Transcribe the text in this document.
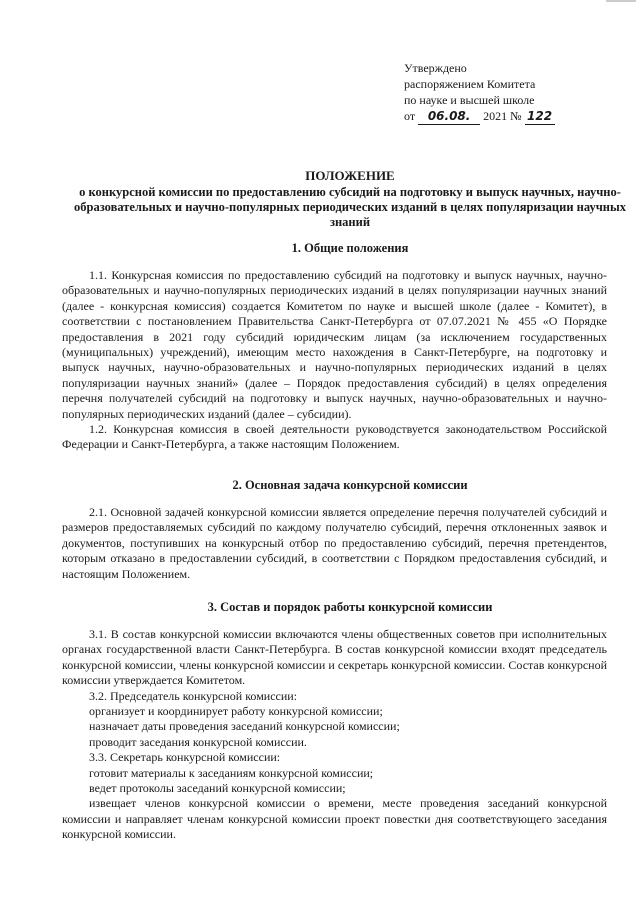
Утверждено
распоряжением Комитета
по науке и высшей школе
от 06.08. 2021 № 122
ПОЛОЖЕНИЕ
о конкурсной комиссии по предоставлению субсидий на подготовку и выпуск научных, научно-образовательных и научно-популярных периодических изданий в целях популяризации научных знаний
1. Общие положения

1.1. Конкурсная комиссия по предоставлению субсидий на подготовку и выпуск научных, научно-образовательных и научно-популярных периодических изданий в целях популяризации научных знаний (далее - конкурсная комиссия) создается Комитетом по науке и высшей школе (далее - Комитет), в соответствии с постановлением Правительства Санкт-Петербурга от 07.07.2021 № 455 «О Порядке предоставления в 2021 году субсидий юридическим лицам (за исключением государственных (муниципальных) учреждений), имеющим место нахождения в Санкт-Петербурге, на подготовку и выпуск научных, научно-образовательных и научно-популярных периодических изданий в целях популяризации научных знаний» (далее – Порядок предоставления субсидий) в целях определения перечня получателей субсидий на подготовку и выпуск научных, научно-образовательных и научно-популярных периодических изданий (далее – субсидии).

1.2. Конкурсная комиссия в своей деятельности руководствуется законодательством Российской Федерации и Санкт-Петербурга, а также настоящим Положением.

2. Основная задача конкурсной комиссии

2.1. Основной задачей конкурсной комиссии является определение перечня получателей субсидий и размеров предоставляемых субсидий по каждому получателю субсидий, перечня отклоненных заявок и документов, поступивших на конкурсный отбор по предоставлению субсидий, перечня претендентов, которым отказано в предоставлении субсидий, в соответствии с Порядком предоставления субсидий, и настоящим Положением.

3. Состав и порядок работы конкурсной комиссии

3.1. В состав конкурсной комиссии включаются члены общественных советов при исполнительных органах государственной власти Санкт-Петербурга. В состав конкурсной комиссии входят председатель конкурсной комиссии, члены конкурсной комиссии и секретарь конкурсной комиссии. Состав конкурсной комиссии утверждается Комитетом.

3.2. Председатель конкурсной комиссии:

организует и координирует работу конкурсной комиссии;

назначает даты проведения заседаний конкурсной комиссии;

проводит заседания конкурсной комиссии.

3.3. Секретарь конкурсной комиссии:

готовит материалы к заседаниям конкурсной комиссии;

ведет протоколы заседаний конкурсной комиссии;

извещает членов конкурсной комиссии о времени, месте проведения заседаний конкурсной комиссии и направляет членам конкурсной комиссии проект повестки дня соответствующего заседания конкурсной комиссии.
